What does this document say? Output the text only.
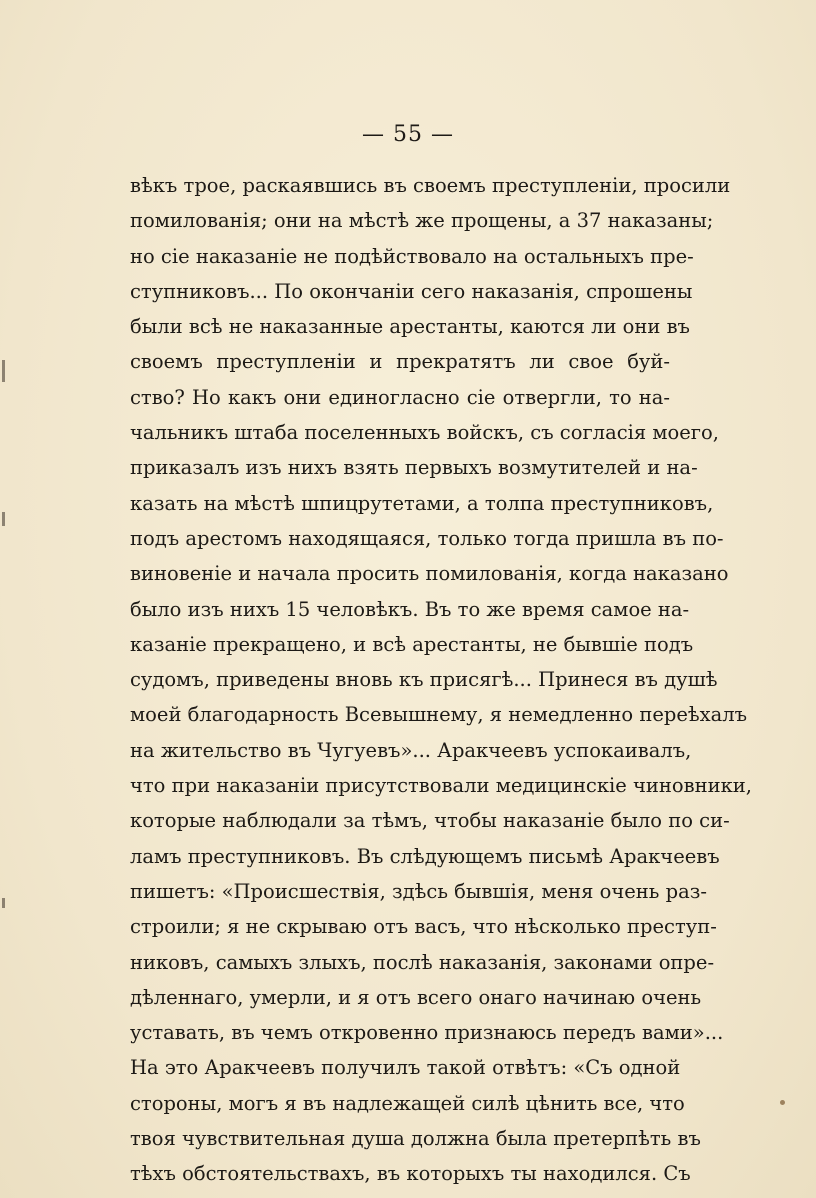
— 55 —
вѣкъ трое, раскаявшись въ своемъ преступленіи, просили
помилованія; они на мѣстѣ же прощены, а 37 наказаны;
но сіе наказаніе не подѣйствовало на остальныхъ пре-
ступниковъ... По окончаніи сего наказанія, спрошены
были всѣ не наказанные арестанты, каются ли они въ
своемъ преступленіи и прекратятъ ли свое буй-
ство? Но какъ они единогласно сіе отвергли, то на-
чальникъ штаба поселенныхъ войскъ, съ согласія моего,
приказалъ изъ нихъ взять первыхъ возмутителей и на-
казать на мѣстѣ шпицрутетами, а толпа преступниковъ,
подъ арестомъ находящаяся, только тогда пришла въ по-
виновеніе и начала просить помилованія, когда наказано
было изъ нихъ 15 человѣкъ. Въ то же время самое на-
казаніе прекращено, и всѣ арестанты, не бывшіе подъ
судомъ, приведены вновь къ присягѣ... Принеся въ душѣ
моей благодарность Всевышнему, я немедленно переѣхалъ
на жительство въ Чугуевъ»... Аракчеевъ успокаивалъ,
что при наказаніи присутствовали медицинскіе чиновники,
которые наблюдали за тѣмъ, чтобы наказаніе было по си-
ламъ преступниковъ. Въ слѣдующемъ письмѣ Аракчеевъ
пишетъ: «Происшествія, здѣсь бывшія, меня очень раз-
строили; я не скрываю отъ васъ, что нѣсколько преступ-
никовъ, самыхъ злыхъ, послѣ наказанія, законами опре-
дѣленнаго, умерли, и я отъ всего онаго начинаю очень
уставать, въ чемъ откровенно признаюсь передъ вами»...
На это Аракчеевъ получилъ такой отвѣтъ: «Съ одной
стороны, могъ я въ надлежащей силѣ цѣнить все, что
твоя чувствительная душа должна была претерпѣть въ
тѣхъ обстоятельствахъ, въ которыхъ ты находился. Съ
